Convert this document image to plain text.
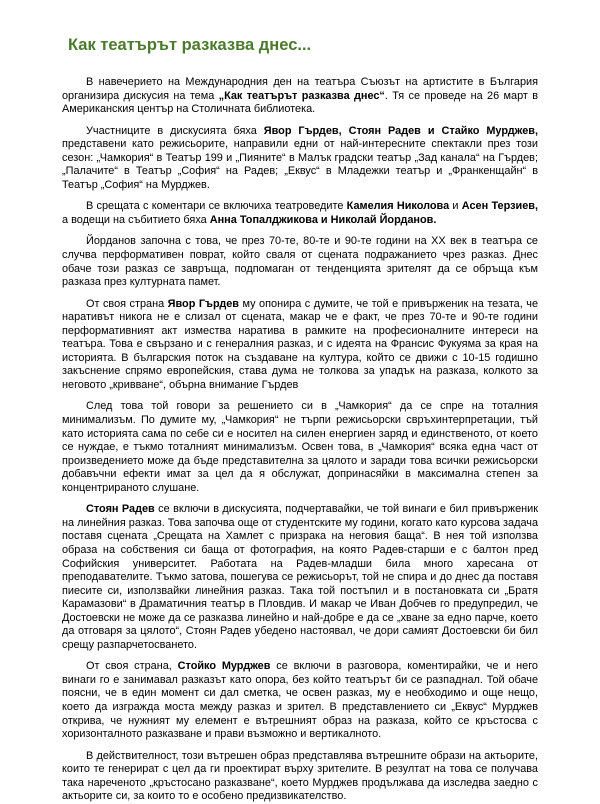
Как театърът разказва днес...

В навечерието на Международния ден на театъра Съюзът на артистите в България организира дискусия на тема „Как театърът разказва днес“. Тя се проведе на 26 март в Американския център на Столичната библиотека.

Участниците в дискусията бяха Явор Гърдев, Стоян Радев и Стайко Мурджев, представени като режисьорите, направили едни от най-интересните спектакли през този сезон: „Чамкория“ в Театър 199 и „Пияните“ в Малък градски театър „Зад канала“ на Гърдев; „Палачите“ в Театър „София“ на Радев; „Еквус“ в Младежки театър и „Франкенщайн“ в Театър „София“ на Мурджев.

В срещата с коментари се включиха театроведите Камелия Николова и Асен Терзиев, а водещи на събитието бяха Анна Топалджикова и Николай Йорданов.

Йорданов започна с това, че през 70-те, 80-те и 90-те години на XX век в театъра се случва перформативен поврат, който сваля от сцената подражанието чрез разказ. Днес обаче този разказ се завръща, подпомаган от тенденцията зрителят да се обръща към разказа през културната памет.

От своя страна Явор Гърдев му опонира с думите, че той е привърженик на тезата, че наративът никога не е слизал от сцената, макар че е факт, че през 70-те и 90-те години перформативният акт измества наратива в рамките на професионалните интереси на театъра. Това е свързано и с генералния разказ, и с идеята на Франсис Фукуяма за края на историята. В българския поток на създаване на култура, който се движи с 10-15 годишно закъснение спрямо европейския, става дума не толкова за упадък на разказа, колкото за неговото „кривване“, обърна внимание Гърдев

След това той говори за решението си в „Чамкория“ да се спре на тоталния минимализъм. По думите му, „Чамкория“ не търпи режисьорски свръхинтерпретации, тъй като историята сама по себе си е носител на силен енергиен заряд и единственото, от което се нуждае, е тъкмо тоталният минимализъм. Освен това, в „Чамкория“ всяка една част от произведението може да бъде представителна за цялото и заради това всички режисьорски добавъчни ефекти имат за цел да я обслужат, допринасяйки в максимална степен за концентрираното слушане.

Стоян Радев се включи в дискусията, подчертавайки, че той винаги е бил привърженик на линейния разказ. Това започва още от студентските му години, когато като курсова задача поставя сцената „Срещата на Хамлет с призрака на неговия баща“. В нея той използва образа на собствения си баща от фотография, на която Радев-старши е с балтон пред Софийския университет. Работата на Радев-младши била много харесана от преподавателите. Тъкмо затова, пошегува се режисьорът, той не спира и до днес да поставя пиесите си, използвайки линейния разказ. Така той постъпил и в постановката си „Братя Карамазови“ в Драматичния театър в Пловдив. И макар че Иван Добчев го предупредил, че Достоевски не може да се разказва линейно и най-добре е да се „хване за едно парче, което да отговаря за цялото“, Стоян Радев убедено настоявал, че дори самият Достоевски би бил срещу разпарчетосването.

От своя страна, Стойко Мурджев се включи в разговора, коментирайки, че и него винаги го е занимавал разказът като опора, без който театърът би се разпаднал. Той обаче поясни, че в един момент си дал сметка, че освен разказ, му е необходимо и още нещо, което да изгражда моста между разказ и зрител. В представлението си „Еквус“ Мурджев открива, че нужният му елемент е вътрешният образ на разказа, който се кръстосва с хоризонталното разказване и прави възможно и вертикалното.

В действителност, този вътрешен образ представлява вътрешните образи на актьорите, които те генерират с цел да ги проектират върху зрителите. В резултат на това се получава така нареченото „кръстосано разказване“, което Мурджев продължава да изследва заедно с актьорите си, за които то е особено предизвикателство.
